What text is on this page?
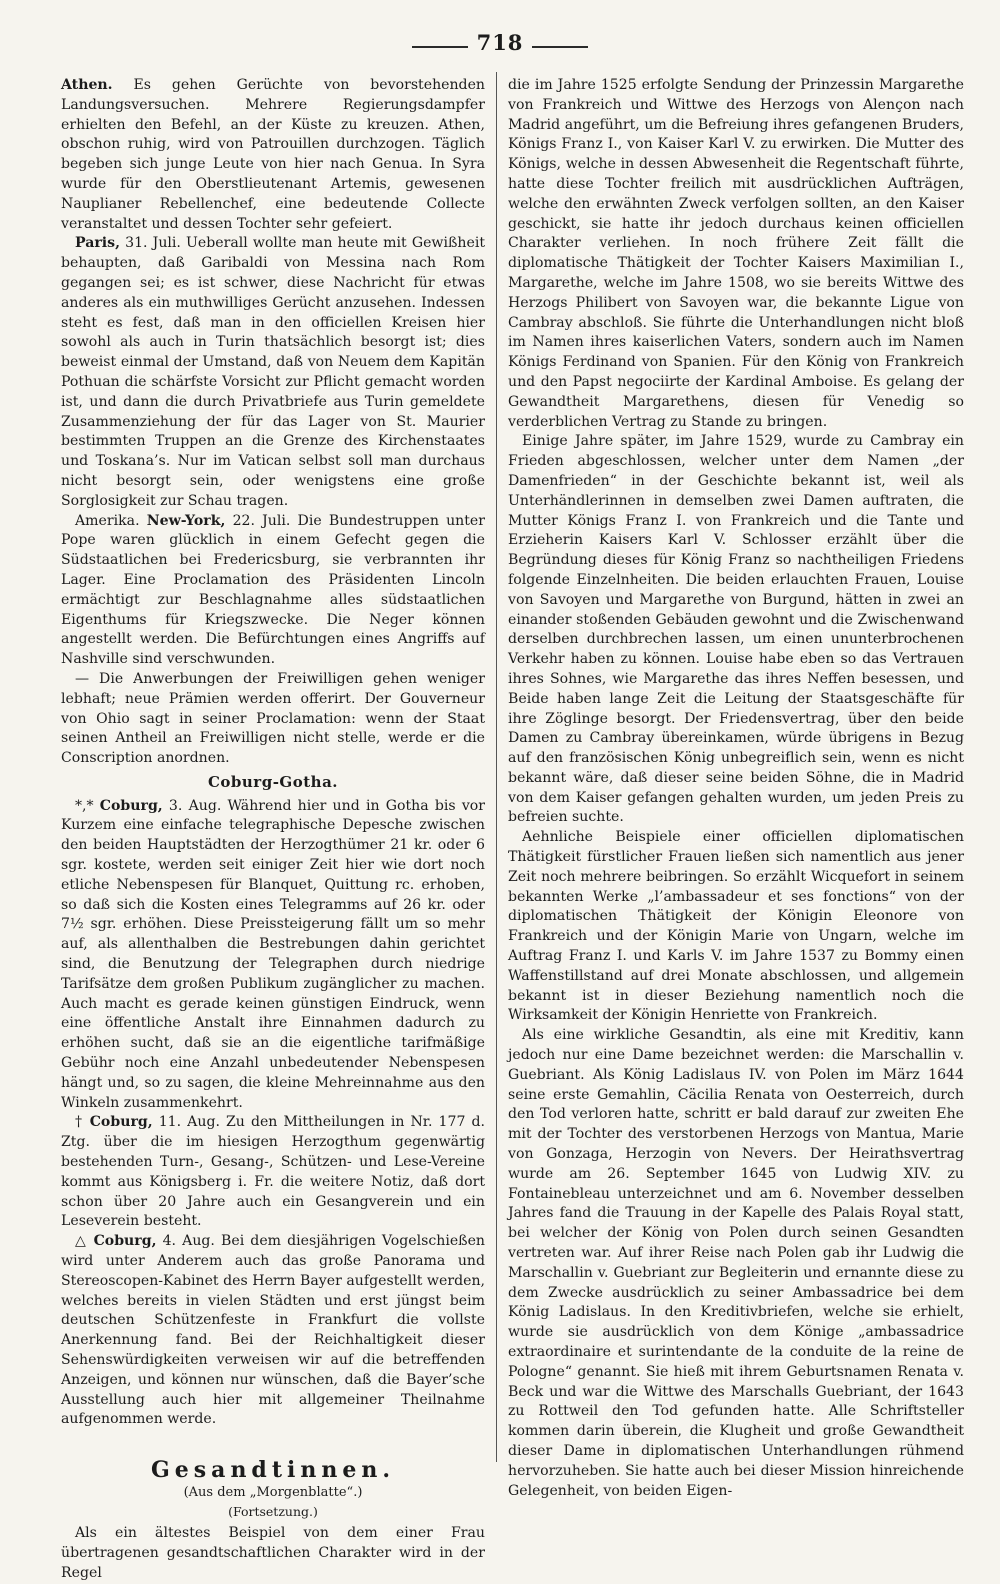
718

Athen. Es gehen Gerüchte von bevorstehenden Landungsversuchen. Mehrere Regierungsdampfer erhielten den Befehl, an der Küste zu kreuzen. Athen, obschon ruhig, wird von Patrouillen durchzogen. Täglich begeben sich junge Leute von hier nach Genua. In Syra wurde für den Oberstlieutenant Artemis, gewesenen Nauplianer Rebellenchef, eine bedeutende Collecte veranstaltet und dessen Tochter sehr gefeiert.

Paris, 31. Juli. Ueberall wollte man heute mit Gewißheit behaupten, daß Garibaldi von Messina nach Rom gegangen sei; es ist schwer, diese Nachricht für etwas anderes als ein muthwilliges Gerücht anzusehen. Indessen steht es fest, daß man in den officiellen Kreisen hier sowohl als auch in Turin thatsächlich besorgt ist; dies beweist einmal der Umstand, daß von Neuem dem Kapitän Pothuan die schärfste Vorsicht zur Pflicht gemacht worden ist, und dann die durch Privatbriefe aus Turin gemeldete Zusammenziehung der für das Lager von St. Maurier bestimmten Truppen an die Grenze des Kirchenstaates und Toskana’s. Nur im Vatican selbst soll man durchaus nicht besorgt sein, oder wenigstens eine große Sorglosigkeit zur Schau tragen.

Amerika. New-York, 22. Juli. Die Bundestruppen unter Pope waren glücklich in einem Gefecht gegen die Südstaatlichen bei Fredericsburg, sie verbrannten ihr Lager. Eine Proclamation des Präsidenten Lincoln ermächtigt zur Beschlagnahme alles südstaatlichen Eigenthums für Kriegszwecke. Die Neger können angestellt werden. Die Befürchtungen eines Angriffs auf Nashville sind verschwunden.

— Die Anwerbungen der Freiwilligen gehen weniger lebhaft; neue Prämien werden offerirt. Der Gouverneur von Ohio sagt in seiner Proclamation: wenn der Staat seinen Antheil an Freiwilligen nicht stelle, werde er die Conscription anordnen.

Coburg-Gotha.

*,* Coburg, 3. Aug. Während hier und in Gotha bis vor Kurzem eine einfache telegraphische Depesche zwischen den beiden Hauptstädten der Herzogthümer 21 kr. oder 6 sgr. kostete, werden seit einiger Zeit hier wie dort noch etliche Nebenspesen für Blanquet, Quittung rc. erhoben, so daß sich die Kosten eines Telegramms auf 26 kr. oder 7½ sgr. erhöhen. Diese Preissteigerung fällt um so mehr auf, als allenthalben die Bestrebungen dahin gerichtet sind, die Benutzung der Telegraphen durch niedrige Tarifsätze dem großen Publikum zugänglicher zu machen. Auch macht es gerade keinen günstigen Eindruck, wenn eine öffentliche Anstalt ihre Einnahmen dadurch zu erhöhen sucht, daß sie an die eigentliche tarifmäßige Gebühr noch eine Anzahl unbedeutender Nebenspesen hängt und, so zu sagen, die kleine Mehreinnahme aus den Winkeln zusammenkehrt.

† Coburg, 11. Aug. Zu den Mittheilungen in Nr. 177 d. Ztg. über die im hiesigen Herzogthum gegenwärtig bestehenden Turn-, Gesang-, Schützen- und Lese-Vereine kommt aus Königsberg i. Fr. die weitere Notiz, daß dort schon über 20 Jahre auch ein Gesangverein und ein Leseverein besteht.

△ Coburg, 4. Aug. Bei dem diesjährigen Vogelschießen wird unter Anderem auch das große Panorama und Stereoscopen-Kabinet des Herrn Bayer aufgestellt werden, welches bereits in vielen Städten und erst jüngst beim deutschen Schützenfeste in Frankfurt die vollste Anerkennung fand. Bei der Reichhaltigkeit dieser Sehenswürdigkeiten verweisen wir auf die betreffenden Anzeigen, und können nur wünschen, daß die Bayer’sche Ausstellung auch hier mit allgemeiner Theilnahme aufgenommen werde.

Gesandtinnen.
(Aus dem „Morgenblatte“.)
(Fortsetzung.)

Als ein ältestes Beispiel von dem einer Frau übertragenen gesandtschaftlichen Charakter wird in der Regel

die im Jahre 1525 erfolgte Sendung der Prinzessin Margarethe von Frankreich und Wittwe des Herzogs von Alençon nach Madrid angeführt, um die Befreiung ihres gefangenen Bruders, Königs Franz I., von Kaiser Karl V. zu erwirken. Die Mutter des Königs, welche in dessen Abwesenheit die Regentschaft führte, hatte diese Tochter freilich mit ausdrücklichen Aufträgen, welche den erwähnten Zweck verfolgen sollten, an den Kaiser geschickt, sie hatte ihr jedoch durchaus keinen officiellen Charakter verliehen. In noch frühere Zeit fällt die diplomatische Thätigkeit der Tochter Kaisers Maximilian I., Margarethe, welche im Jahre 1508, wo sie bereits Wittwe des Herzogs Philibert von Savoyen war, die bekannte Ligue von Cambray abschloß. Sie führte die Unterhandlungen nicht bloß im Namen ihres kaiserlichen Vaters, sondern auch im Namen Königs Ferdinand von Spanien. Für den König von Frankreich und den Papst negociirte der Kardinal Amboise. Es gelang der Gewandtheit Margarethens, diesen für Venedig so verderblichen Vertrag zu Stande zu bringen.

Einige Jahre später, im Jahre 1529, wurde zu Cambray ein Frieden abgeschlossen, welcher unter dem Namen „der Damenfrieden“ in der Geschichte bekannt ist, weil als Unterhändlerinnen in demselben zwei Damen auftraten, die Mutter Königs Franz I. von Frankreich und die Tante und Erzieherin Kaisers Karl V. Schlosser erzählt über die Begründung dieses für König Franz so nachtheiligen Friedens folgende Einzelnheiten. Die beiden erlauchten Frauen, Louise von Savoyen und Margarethe von Burgund, hätten in zwei an einander stoßenden Gebäuden gewohnt und die Zwischenwand derselben durchbrechen lassen, um einen ununterbrochenen Verkehr haben zu können. Louise habe eben so das Vertrauen ihres Sohnes, wie Margarethe das ihres Neffen besessen, und Beide haben lange Zeit die Leitung der Staatsgeschäfte für ihre Zöglinge besorgt. Der Friedensvertrag, über den beide Damen zu Cambray übereinkamen, würde übrigens in Bezug auf den französischen König unbegreiflich sein, wenn es nicht bekannt wäre, daß dieser seine beiden Söhne, die in Madrid von dem Kaiser gefangen gehalten wurden, um jeden Preis zu befreien suchte.

Aehnliche Beispiele einer officiellen diplomatischen Thätigkeit fürstlicher Frauen ließen sich namentlich aus jener Zeit noch mehrere beibringen. So erzählt Wicquefort in seinem bekannten Werke „l’ambassadeur et ses fonctions“ von der diplomatischen Thätigkeit der Königin Eleonore von Frankreich und der Königin Marie von Ungarn, welche im Auftrag Franz I. und Karls V. im Jahre 1537 zu Bommy einen Waffenstillstand auf drei Monate abschlossen, und allgemein bekannt ist in dieser Beziehung namentlich noch die Wirksamkeit der Königin Henriette von Frankreich.

Als eine wirkliche Gesandtin, als eine mit Kreditiv, kann jedoch nur eine Dame bezeichnet werden: die Marschallin v. Guebriant. Als König Ladislaus IV. von Polen im März 1644 seine erste Gemahlin, Cäcilia Renata von Oesterreich, durch den Tod verloren hatte, schritt er bald darauf zur zweiten Ehe mit der Tochter des verstorbenen Herzogs von Mantua, Marie von Gonzaga, Herzogin von Nevers. Der Heirathsvertrag wurde am 26. September 1645 von Ludwig XIV. zu Fontainebleau unterzeichnet und am 6. November desselben Jahres fand die Trauung in der Kapelle des Palais Royal statt, bei welcher der König von Polen durch seinen Gesandten vertreten war. Auf ihrer Reise nach Polen gab ihr Ludwig die Marschallin v. Guebriant zur Begleiterin und ernannte diese zu dem Zwecke ausdrücklich zu seiner Ambassadrice bei dem König Ladislaus. In den Kreditivbriefen, welche sie erhielt, wurde sie ausdrücklich von dem Könige „ambassadrice extraordinaire et surintendante de la conduite de la reine de Pologne“ genannt. Sie hieß mit ihrem Geburtsnamen Renata v. Beck und war die Wittwe des Marschalls Guebriant, der 1643 zu Rottweil den Tod gefunden hatte. Alle Schriftsteller kommen darin überein, die Klugheit und große Gewandtheit dieser Dame in diplomatischen Unterhandlungen rühmend hervorzuheben. Sie hatte auch bei dieser Mission hinreichende Gelegenheit, von beiden Eigen-
